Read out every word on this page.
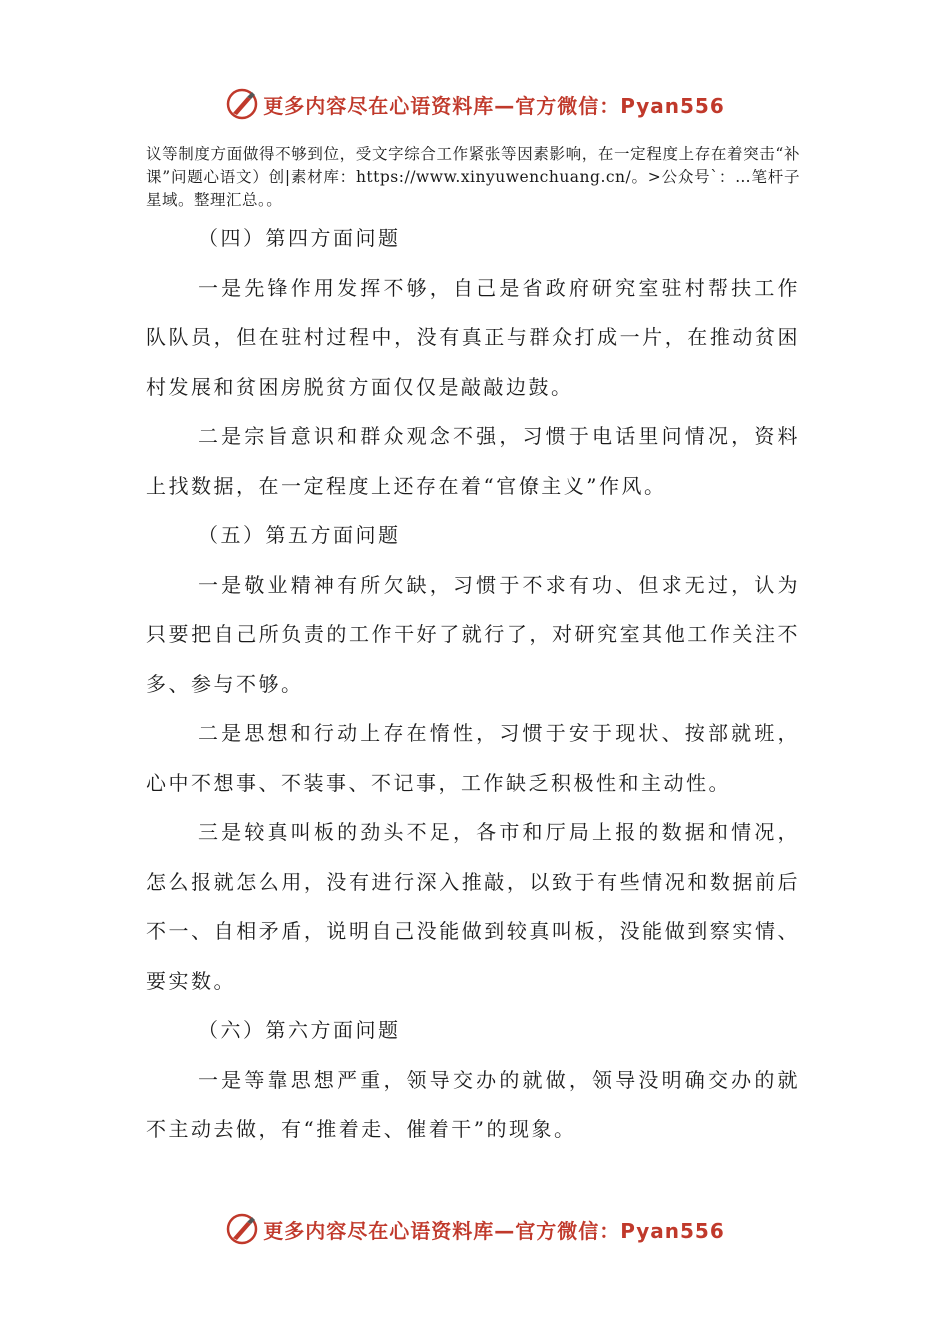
更多内容尽在心语资料库—官方微信：Pyan556

议等制度方面做得不够到位，受文字综合工作紧张等因素影响，在一定程度上存在着突击“补课”问题心语文）创|素材库：https://www.xinyuwenchuang.cn/。>公众号`：…笔杆子星域。整理汇总。。

（四）第四方面问题

一是先锋作用发挥不够，自己是省政府研究室驻村帮扶工作队队员，但在驻村过程中，没有真正与群众打成一片，在推动贫困村发展和贫困房脱贫方面仅仅是敲敲边鼓。

二是宗旨意识和群众观念不强，习惯于电话里问情况，资料上找数据，在一定程度上还存在着“官僚主义”作风。

（五）第五方面问题

一是敬业精神有所欠缺，习惯于不求有功、但求无过，认为只要把自己所负责的工作干好了就行了，对研究室其他工作关注不多、参与不够。

二是思想和行动上存在惰性，习惯于安于现状、按部就班，心中不想事、不装事、不记事，工作缺乏积极性和主动性。

三是较真叫板的劲头不足，各市和厅局上报的数据和情况，怎么报就怎么用，没有进行深入推敲，以致于有些情况和数据前后不一、自相矛盾，说明自己没能做到较真叫板，没能做到察实情、要实数。

（六）第六方面问题

一是等靠思想严重，领导交办的就做，领导没明确交办的就不主动去做，有“推着走、催着干”的现象。

更多内容尽在心语资料库—官方微信：Pyan556
